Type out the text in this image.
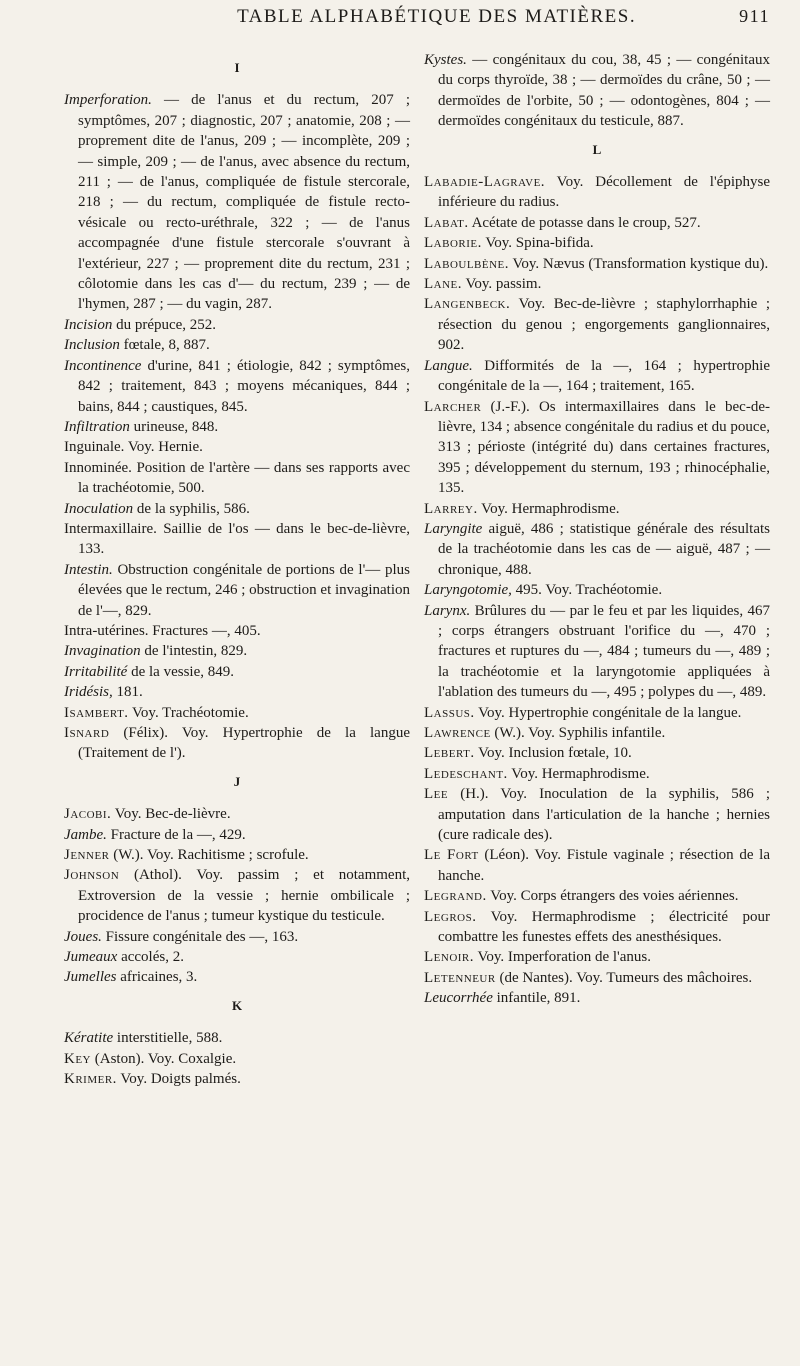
TABLE ALPHABÉTIQUE DES MATIÈRES.	911
I

Imperforation. — de l'anus et du rectum, 207 ; symptômes, 207 ; diagnostic, 207 ; anatomie, 208 ; — proprement dite de l'anus, 209 ; — incomplète, 209 ; — simple, 209 ; — de l'anus, avec absence du rectum, 211 ; — de l'anus, compliquée de fistule stercorale, 218 ; — du rectum, compliquée de fistule recto-vésicale ou recto-uréthrale, 322 ; — de l'anus accompagnée d'une fistule stercorale s'ouvrant à l'extérieur, 227 ; — proprement dite du rectum, 231 ; côlotomie dans les cas d'— du rectum, 239 ; — de l'hymen, 287 ; — du vagin, 287.

Incision du prépuce, 252.

Inclusion fœtale, 8, 887.

Incontinence d'urine, 841 ; étiologie, 842 ; symptômes, 842 ; traitement, 843 ; moyens mécaniques, 844 ; bains, 844 ; caustiques, 845.

Infiltration urineuse, 848.

Inguinale. Voy. Hernie.

Innominée. Position de l'artère — dans ses rapports avec la trachéotomie, 500.

Inoculation de la syphilis, 586.

Intermaxillaire. Saillie de l'os — dans le bec-de-lièvre, 133.

Intestin. Obstruction congénitale de portions de l'— plus élevées que le rectum, 246 ; obstruction et invagination de l'—, 829.

Intra-utérines. Fractures —, 405.

Invagination de l'intestin, 829.

Irritabilité de la vessie, 849.

Iridésis, 181.

Isambert. Voy. Trachéotomie.

Isnard (Félix). Voy. Hypertrophie de la langue (Traitement de l').

J

Jacobi. Voy. Bec-de-lièvre.

Jambe. Fracture de la —, 429.

Jenner (W.). Voy. Rachitisme ; scrofule.

Johnson (Athol). Voy. passim ; et notamment, Extroversion de la vessie ; hernie ombilicale ; procidence de l'anus ; tumeur kystique du testicule.

Joues. Fissure congénitale des —, 163.

Jumeaux accolés, 2.

Jumelles africaines, 3.

K

Kératite interstitielle, 588.

Key (Aston). Voy. Coxalgie.

Krimer. Voy. Doigts palmés.

Kystes. — congénitaux du cou, 38, 45 ; — congénitaux du corps thyroïde, 38 ; — dermoïdes du crâne, 50 ; — dermoïdes de l'orbite, 50 ; — odontogènes, 804 ; — dermoïdes congénitaux du testicule, 887.

L

Labadie-Lagrave. Voy. Décollement de l'épiphyse inférieure du radius.

Labat. Acétate de potasse dans le croup, 527.

Laborie. Voy. Spina-bifida.

Laboulbène. Voy. Nævus (Transformation kystique du).

Lane. Voy. passim.

Langenbeck. Voy. Bec-de-lièvre ; staphylorrhaphie ; résection du genou ; engorgements ganglionnaires, 902.

Langue. Difformités de la —, 164 ; hypertrophie congénitale de la —, 164 ; traitement, 165.

Larcher (J.-F.). Os intermaxillaires dans le bec-de-lièvre, 134 ; absence congénitale du radius et du pouce, 313 ; périoste (intégrité du) dans certaines fractures, 395 ; développement du sternum, 193 ; rhinocéphalie, 135.

Larrey. Voy. Hermaphrodisme.

Laryngite aiguë, 486 ; statistique générale des résultats de la trachéotomie dans les cas de — aiguë, 487 ; — chronique, 488.

Laryngotomie, 495. Voy. Trachéotomie.

Larynx. Brûlures du — par le feu et par les liquides, 467 ; corps étrangers obstruant l'orifice du —, 470 ; fractures et ruptures du —, 484 ; tumeurs du —, 489 ; la trachéotomie et la laryngotomie appliquées à l'ablation des tumeurs du —, 495 ; polypes du —, 489.

Lassus. Voy. Hypertrophie congénitale de la langue.

Lawrence (W.). Voy. Syphilis infantile.

Lebert. Voy. Inclusion fœtale, 10.

Ledeschant. Voy. Hermaphrodisme.

Lee (H.). Voy. Inoculation de la syphilis, 586 ; amputation dans l'articulation de la hanche ; hernies (cure radicale des).

Le Fort (Léon). Voy. Fistule vaginale ; résection de la hanche.

Legrand. Voy. Corps étrangers des voies aériennes.

Legros. Voy. Hermaphrodisme ; électricité pour combattre les funestes effets des anesthésiques.

Lenoir. Voy. Imperforation de l'anus.

Letenneur (de Nantes). Voy. Tumeurs des mâchoires.

Leucorrhée infantile, 891.
